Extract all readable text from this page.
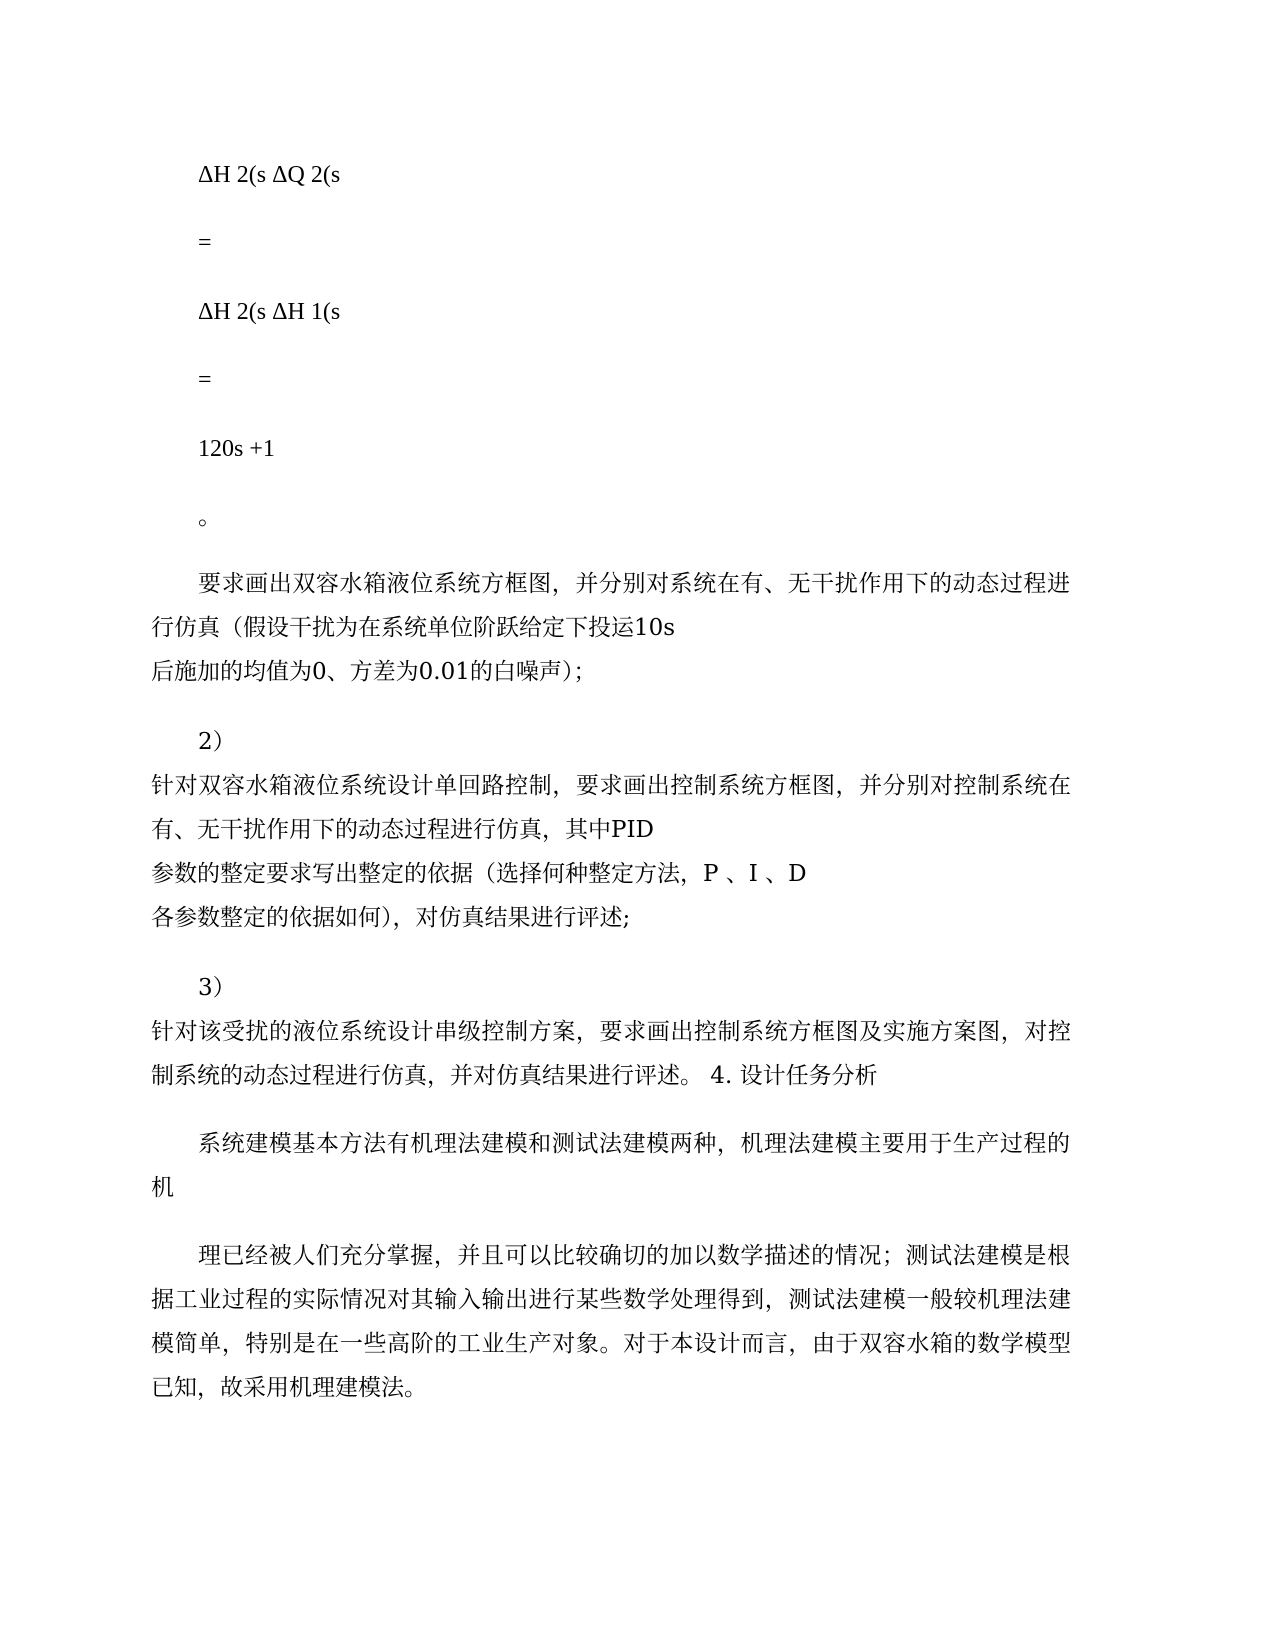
ΔH 2(s ΔQ 2(s
=
ΔH 2(s ΔH 1(s
=
120s +1
。
要求画出双容水箱液位系统方框图，并分别对系统在有、无干扰作用下的动态过程进
行仿真（假设干扰为在系统单位阶跃给定下投运10s
后施加的均值为0、方差为0.01的白噪声）；
2）
针对双容水箱液位系统设计单回路控制，要求画出控制系统方框图，并分别对控制系统在
有、无干扰作用下的动态过程进行仿真，其中PID
参数的整定要求写出整定的依据（选择何种整定方法，P 、I 、D
各参数整定的依据如何），对仿真结果进行评述;
3）
针对该受扰的液位系统设计串级控制方案，要求画出控制系统方框图及实施方案图，对控
制系统的动态过程进行仿真，并对仿真结果进行评述。 4. 设计任务分析
系统建模基本方法有机理法建模和测试法建模两种，机理法建模主要用于生产过程的
机
理已经被人们充分掌握，并且可以比较确切的加以数学描述的情况；测试法建模是根
据工业过程的实际情况对其输入输出进行某些数学处理得到，测试法建模一般较机理法建
模简单，特别是在一些高阶的工业生产对象。对于本设计而言，由于双容水箱的数学模型
已知，故采用机理建模法。
